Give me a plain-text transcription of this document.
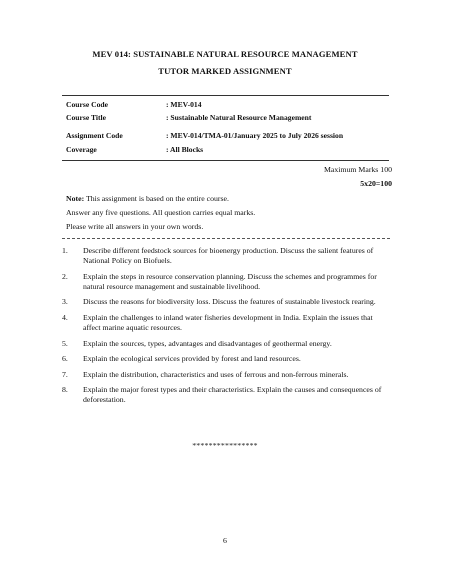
MEV 014: SUSTAINABLE NATURAL RESOURCE MANAGEMENT
TUTOR MARKED ASSIGNMENT
Course Code	: MEV-014
Course Title	: Sustainable Natural Resource Management
Assignment Code	: MEV-014/TMA-01/January 2025 to July 2026 session
Coverage	: All Blocks
Maximum Marks 100
5x20=100
Note: This assignment is based on the entire course.
Answer any five questions. All question carries equal marks.
Please write all answers in your own words.
1. Describe different feedstock sources for bioenergy production. Discuss the salient features of National Policy on Biofuels.
2. Explain the steps in resource conservation planning. Discuss the schemes and programmes for natural resource management and sustainable livelihood.
3. Discuss the reasons for biodiversity loss. Discuss the features of sustainable livestock rearing.
4. Explain the challenges to inland water fisheries development in India. Explain the issues that affect marine aquatic resources.
5. Explain the sources, types, advantages and disadvantages of geothermal energy.
6. Explain the ecological services provided by forest and land resources.
7. Explain the distribution, characteristics and uses of ferrous and non-ferrous minerals.
8. Explain the major forest types and their characteristics. Explain the causes and consequences of deforestation.
****************
6
